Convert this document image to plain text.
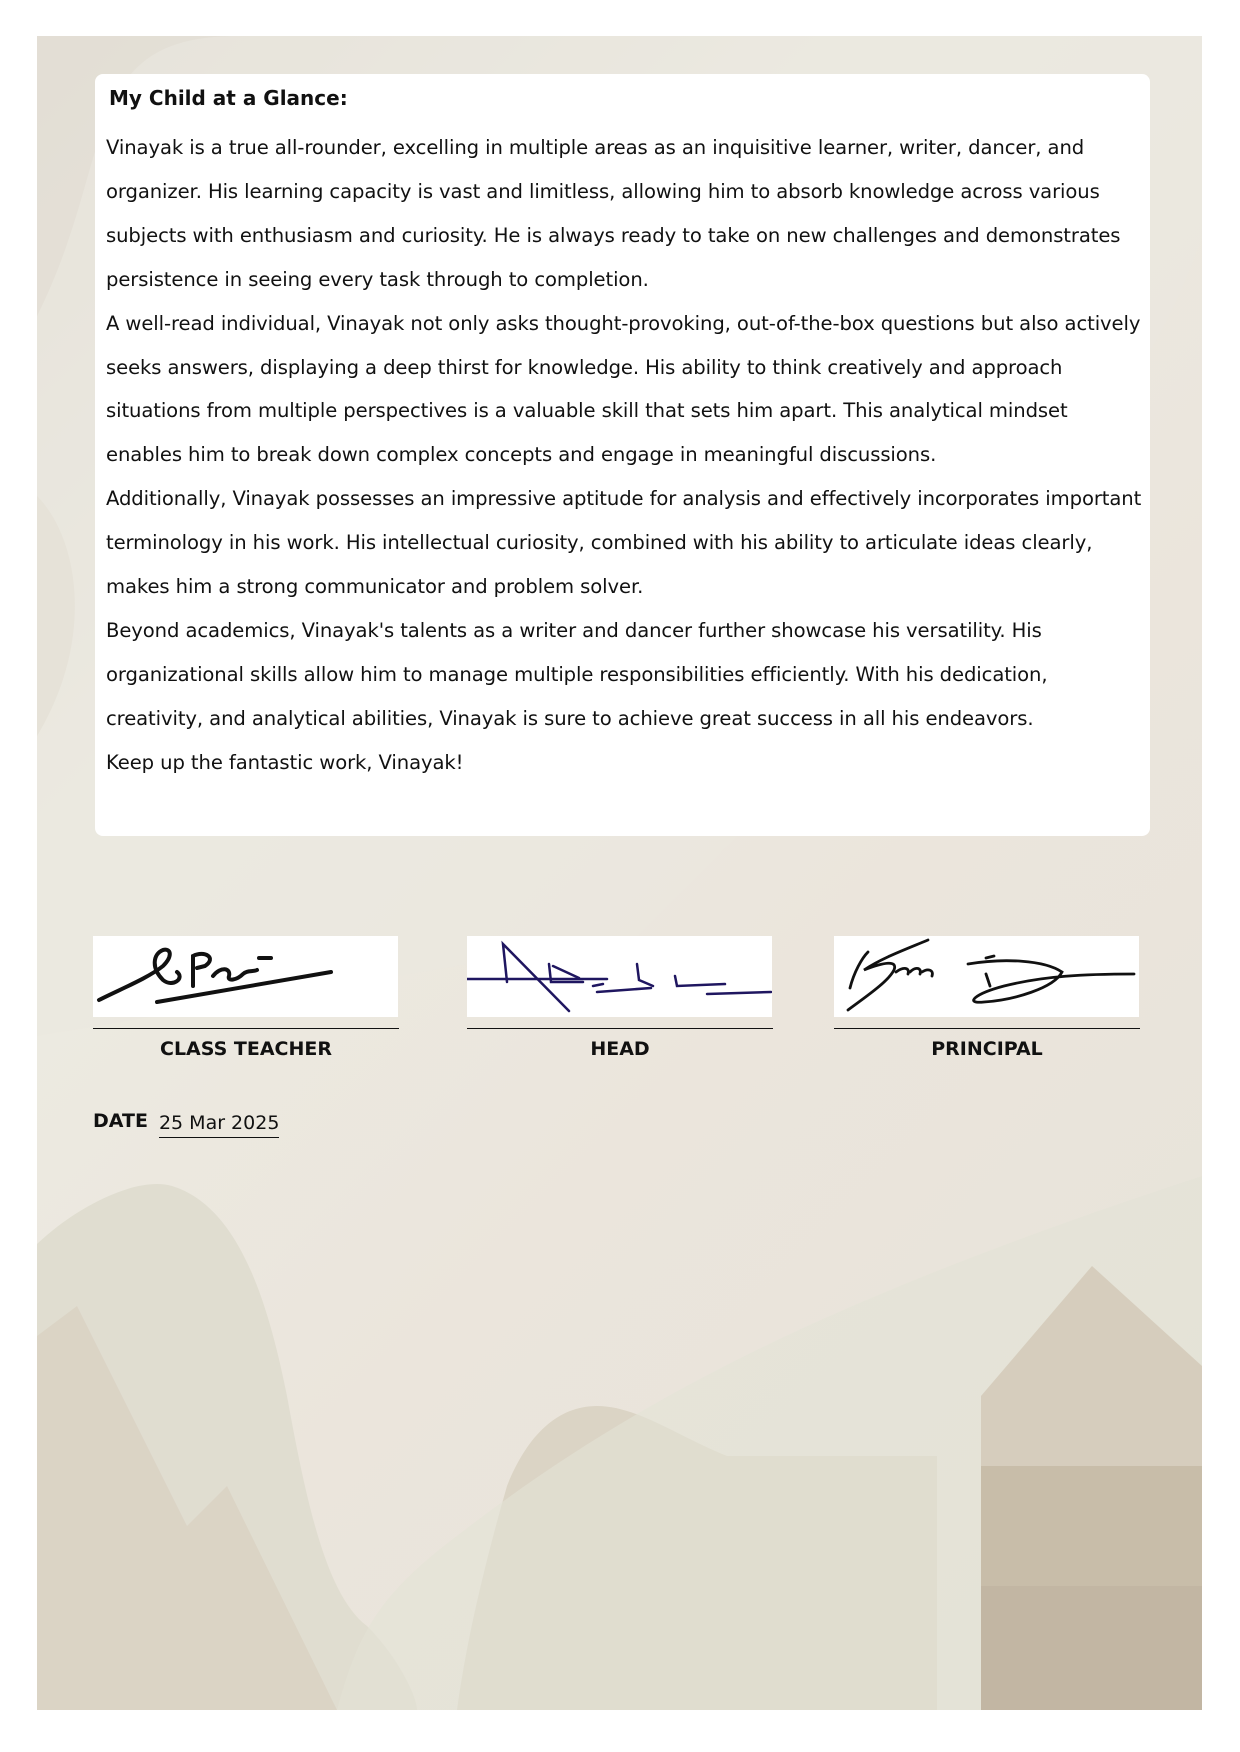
My Child at a Glance:

Vinayak is a true all-rounder, excelling in multiple areas as an inquisitive learner, writer, dancer, and organizer. His learning capacity is vast and limitless, allowing him to absorb knowledge across various subjects with enthusiasm and curiosity. He is always ready to take on new challenges and demonstrates persistence in seeing every task through to completion.

A well-read individual, Vinayak not only asks thought-provoking, out-of-the-box questions but also actively seeks answers, displaying a deep thirst for knowledge. His ability to think creatively and approach situations from multiple perspectives is a valuable skill that sets him apart. This analytical mindset enables him to break down complex concepts and engage in meaningful discussions.

Additionally, Vinayak possesses an impressive aptitude for analysis and effectively incorporates important terminology in his work. His intellectual curiosity, combined with his ability to articulate ideas clearly, makes him a strong communicator and problem solver.

Beyond academics, Vinayak's talents as a writer and dancer further showcase his versatility. His organizational skills allow him to manage multiple responsibilities efficiently. With his dedication, creativity, and analytical abilities, Vinayak is sure to achieve great success in all his endeavors.

Keep up the fantastic work, Vinayak!

CLASS TEACHER	HEAD	PRINCIPAL
DATE 25 Mar 2025
